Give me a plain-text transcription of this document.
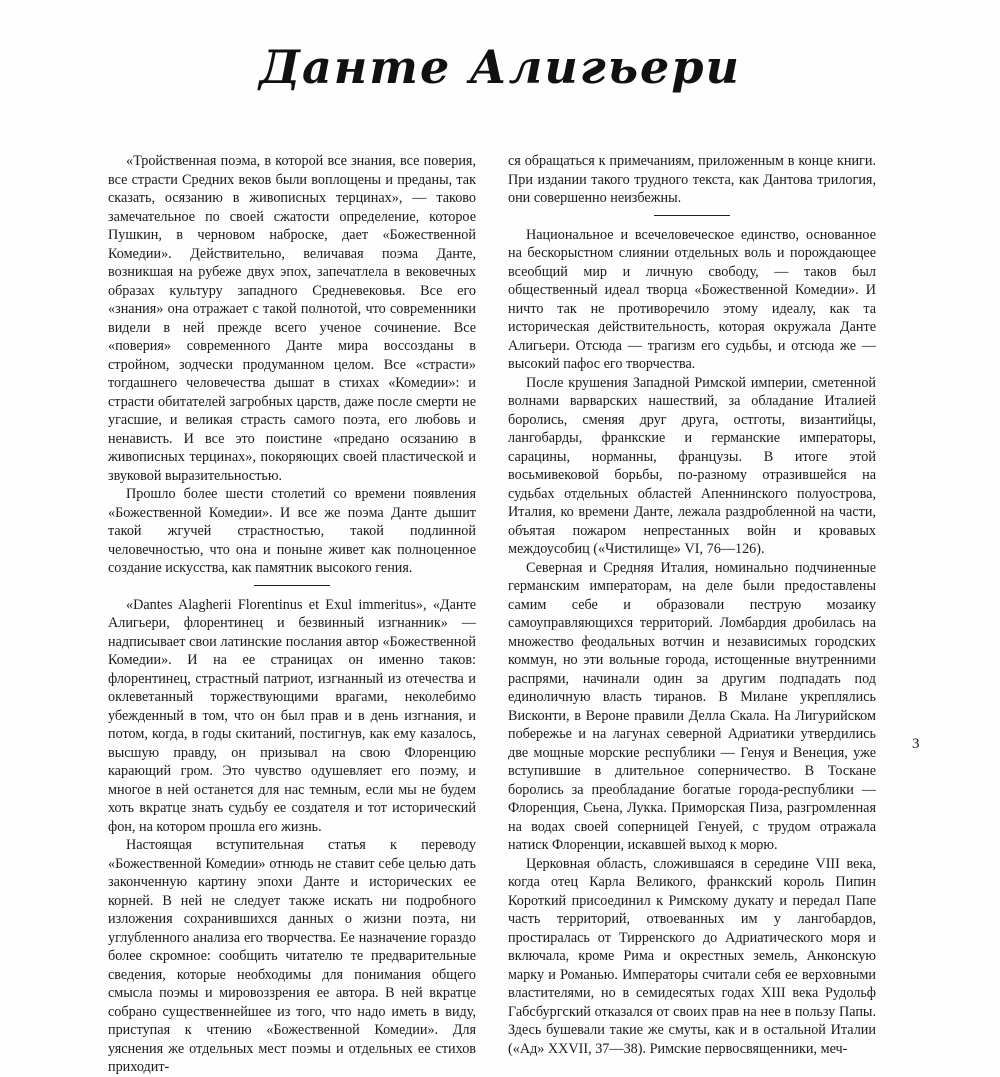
Данте Алигьери

«Тройственная поэма, в которой все знания, все поверия, все страсти Средних веков были воплощены и преданы, так сказать, осязанию в живописных терцинах», — таково замечательное по своей сжатости определение, которое Пушкин, в черновом наброске, дает «Божественной Комедии». Действительно, величавая поэма Данте, возникшая на рубеже двух эпох, запечатлела в вековечных образах культуру западного Средневековья. Все его «знания» она отражает с такой полнотой, что современники видели в ней прежде всего ученое сочинение. Все «поверия» современного Данте мира воссозданы в стройном, зодчески продуманном целом. Все «страсти» тогдашнего человечества дышат в стихах «Комедии»: и страсти обитателей загробных царств, даже после смерти не угасшие, и великая страсть самого поэта, его любовь и ненависть. И все это поистине «предано осязанию в живописных терцинах», покоряющих своей пластической и звуковой выразительностью.

Прошло более шести столетий со времени появления «Божественной Комедии». И все же поэма Данте дышит такой жгучей страстностью, такой подлинной человечностью, что она и поныне живет как полноценное создание искусства, как памятник высокого гения.

«Dantes Alagherii Florentinus et Exul immeritus», «Данте Алигьери, флорентинец и безвинный изгнанник» — надписывает свои латинские послания автор «Божественной Комедии». И на ее страницах он именно таков: флорентинец, страстный патриот, изгнанный из отечества и оклеветанный торжествующими врагами, неколебимо убежденный в том, что он был прав и в день изгнания, и потом, когда, в годы скитаний, постигнув, как ему казалось, высшую правду, он призывал на свою Флоренцию карающий гром. Это чувство одушевляет его поэму, и многое в ней останется для нас темным, если мы не будем хоть вкратце знать судьбу ее создателя и тот исторический фон, на котором прошла его жизнь.

Настоящая вступительная статья к переводу «Божественной Комедии» отнюдь не ставит себе целью дать законченную картину эпохи Данте и исторических ее корней. В ней не следует также искать ни подробного изложения сохранившихся данных о жизни поэта, ни углубленного анализа его творчества. Ее назначение гораздо более скромное: сообщить читателю те предварительные сведения, которые необходимы для понимания общего смысла поэмы и мировоззрения ее автора. В ней вкратце собрано существеннейшее из того, что надо иметь в виду, приступая к чтению «Божественной Комедии». Для уяснения же отдельных мест поэмы и отдельных ее стихов приходит-

ся обращаться к примечаниям, приложенным в конце книги. При издании такого трудного текста, как Дантова трилогия, они совершенно неизбежны.

Национальное и всечеловеческое единство, основанное на бескорыстном слиянии отдельных воль и порождающее всеобщий мир и личную свободу, — таков был общественный идеал творца «Божественной Комедии». И ничто так не противоречило этому идеалу, как та историческая действительность, которая окружала Данте Алигьери. Отсюда — трагизм его судьбы, и отсюда же — высокий пафос его творчества.

После крушения Западной Римской империи, сметенной волнами варварских нашествий, за обладание Италией боролись, сменяя друг друга, остготы, византийцы, лангобарды, франкские и германские императоры, сарацины, норманны, французы. В итоге этой восьмивековой борьбы, по-разному отразившейся на судьбах отдельных областей Апеннинского полуострова, Италия, ко времени Данте, лежала раздробленной на части, объятая пожаром непрестанных войн и кровавых междоусобиц («Чистилище» VI, 76—126).

Северная и Средняя Италия, номинально подчиненные германским императорам, на деле были предоставлены самим себе и образовали пеструю мозаику самоуправляющихся территорий. Ломбардия дробилась на множество феодальных вотчин и независимых городских коммун, но эти вольные города, истощенные внутренними распрями, начинали один за другим подпадать под единоличную власть тиранов. В Милане укреплялись Висконти, в Вероне правили Делла Скала. На Лигурийском побережье и на лагунах северной Адриатики утвердились две мощные морские республики — Генуя и Венеция, уже вступившие в длительное соперничество. В Тоскане боролись за преобладание богатые города-республики — Флоренция, Сьена, Лукка. Приморская Пиза, разгромленная на водах своей соперницей Генуей, с трудом отражала натиск Флоренции, искавшей выход к морю.

Церковная область, сложившаяся в середине VIII века, когда отец Карла Великого, франкский король Пипин Короткий присоединил к Римскому дукату и передал Папе часть территорий, отвоеванных им у лангобардов, простиралась от Тирренского до Адриатического моря и включала, кроме Рима и окрестных земель, Анконскую марку и Романью. Императоры считали себя ее верховными властителями, но в семидесятых годах XIII века Рудольф Габсбургский отказался от своих прав на нее в пользу Папы. Здесь бушевали такие же смуты, как и в остальной Италии («Ад» XXVII, 37—38). Римские первосвященники, меч-

3
